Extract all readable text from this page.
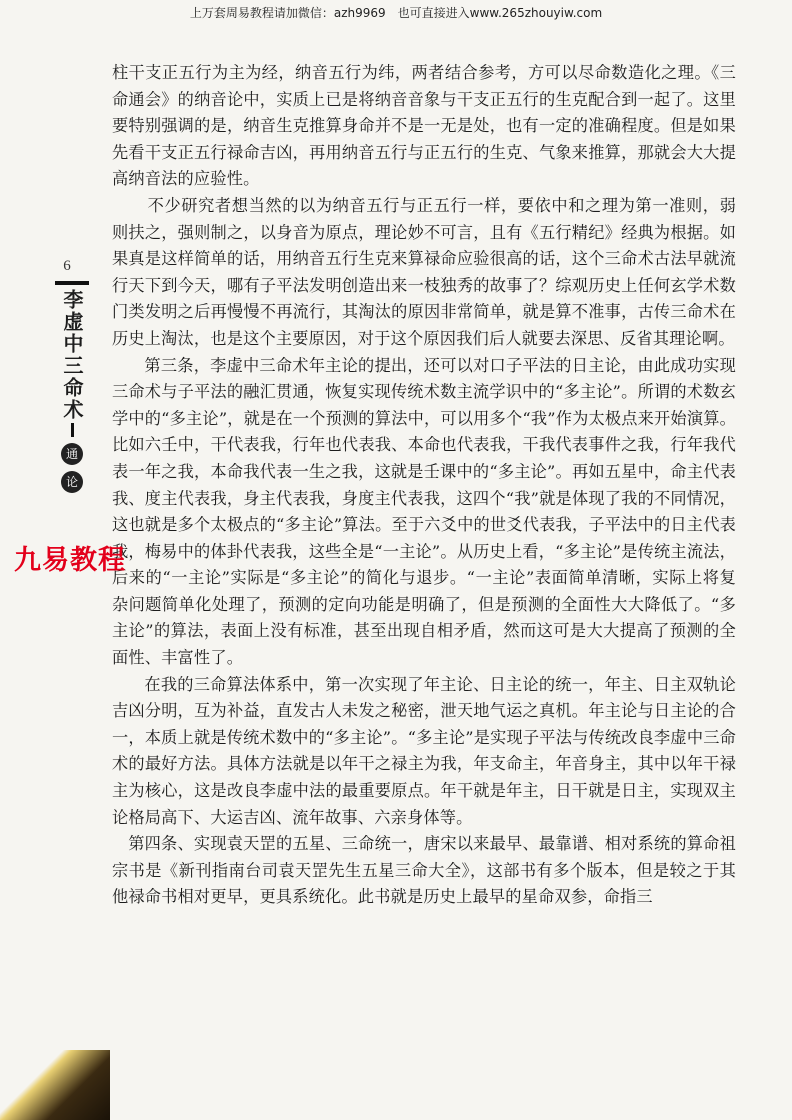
上万套周易教程请加微信：azh9969　也可直接进入www.265zhouyiw.com
6
李虚中三命术
通
论

柱干支正五行为主为经，纳音五行为纬，两者结合参考，方可以尽命数造化之理。《三命通会》的纳音论中，实质上已是将纳音音象与干支正五行的生克配合到一起了。这里要特别强调的是，纳音生克推算身命并不是一无是处，也有一定的准确程度。但是如果先看干支正五行禄命吉凶，再用纳音五行与正五行的生克、气象来推算，那就会大大提高纳音法的应验性。

不少研究者想当然的以为纳音五行与正五行一样，要依中和之理为第一准则，弱则扶之，强则制之，以身音为原点，理论妙不可言，且有《五行精纪》经典为根据。如果真是这样简单的话，用纳音五行生克来算禄命应验很高的话，这个三命术古法早就流行天下到今天，哪有子平法发明创造出来一枝独秀的故事了？综观历史上任何玄学术数门类发明之后再慢慢不再流行，其淘汰的原因非常简单，就是算不准事，古传三命术在历史上淘汰，也是这个主要原因，对于这个原因我们后人就要去深思、反省其理论啊。

第三条，李虚中三命术年主论的提出，还可以对口子平法的日主论，由此成功实现三命术与子平法的融汇贯通，恢复实现传统术数主流学识中的“多主论”。所谓的术数玄学中的“多主论”，就是在一个预测的算法中，可以用多个“我”作为太极点来开始演算。比如六壬中，干代表我，行年也代表我、本命也代表我，干我代表事件之我，行年我代表一年之我，本命我代表一生之我，这就是壬课中的“多主论”。再如五星中，命主代表我、度主代表我，身主代表我，身度主代表我，这四个“我”就是体现了我的不同情况，这也就是多个太极点的“多主论”算法。至于六爻中的世爻代表我，子平法中的日主代表我，梅易中的体卦代表我，这些全是“一主论”。从历史上看，“多主论”是传统主流法，后来的“一主论”实际是“多主论”的简化与退步。“一主论”表面简单清晰，实际上将复杂问题简单化处理了，预测的定向功能是明确了，但是预测的全面性大大降低了。“多主论”的算法，表面上没有标准，甚至出现自相矛盾，然而这可是大大提高了预测的全面性、丰富性了。

在我的三命算法体系中，第一次实现了年主论、日主论的统一，年主、日主双轨论吉凶分明，互为补益，直发古人未发之秘密，泄天地气运之真机。年主论与日主论的合一，本质上就是传统术数中的“多主论”。“多主论”是实现子平法与传统改良李虚中三命术的最好方法。具体方法就是以年干之禄主为我，年支命主，年音身主，其中以年干禄主为核心，这是改良李虚中法的最重要原点。年干就是年主，日干就是日主，实现双主论格局高下、大运吉凶、流年故事、六亲身体等。

第四条、实现袁天罡的五星、三命统一，唐宋以来最早、最靠谱、相对系统的算命祖宗书是《新刊指南台司袁天罡先生五星三命大全》，这部书有多个版本，但是较之于其他禄命书相对更早，更具系统化。此书就是历史上最早的星命双参，命指三

九易教程
